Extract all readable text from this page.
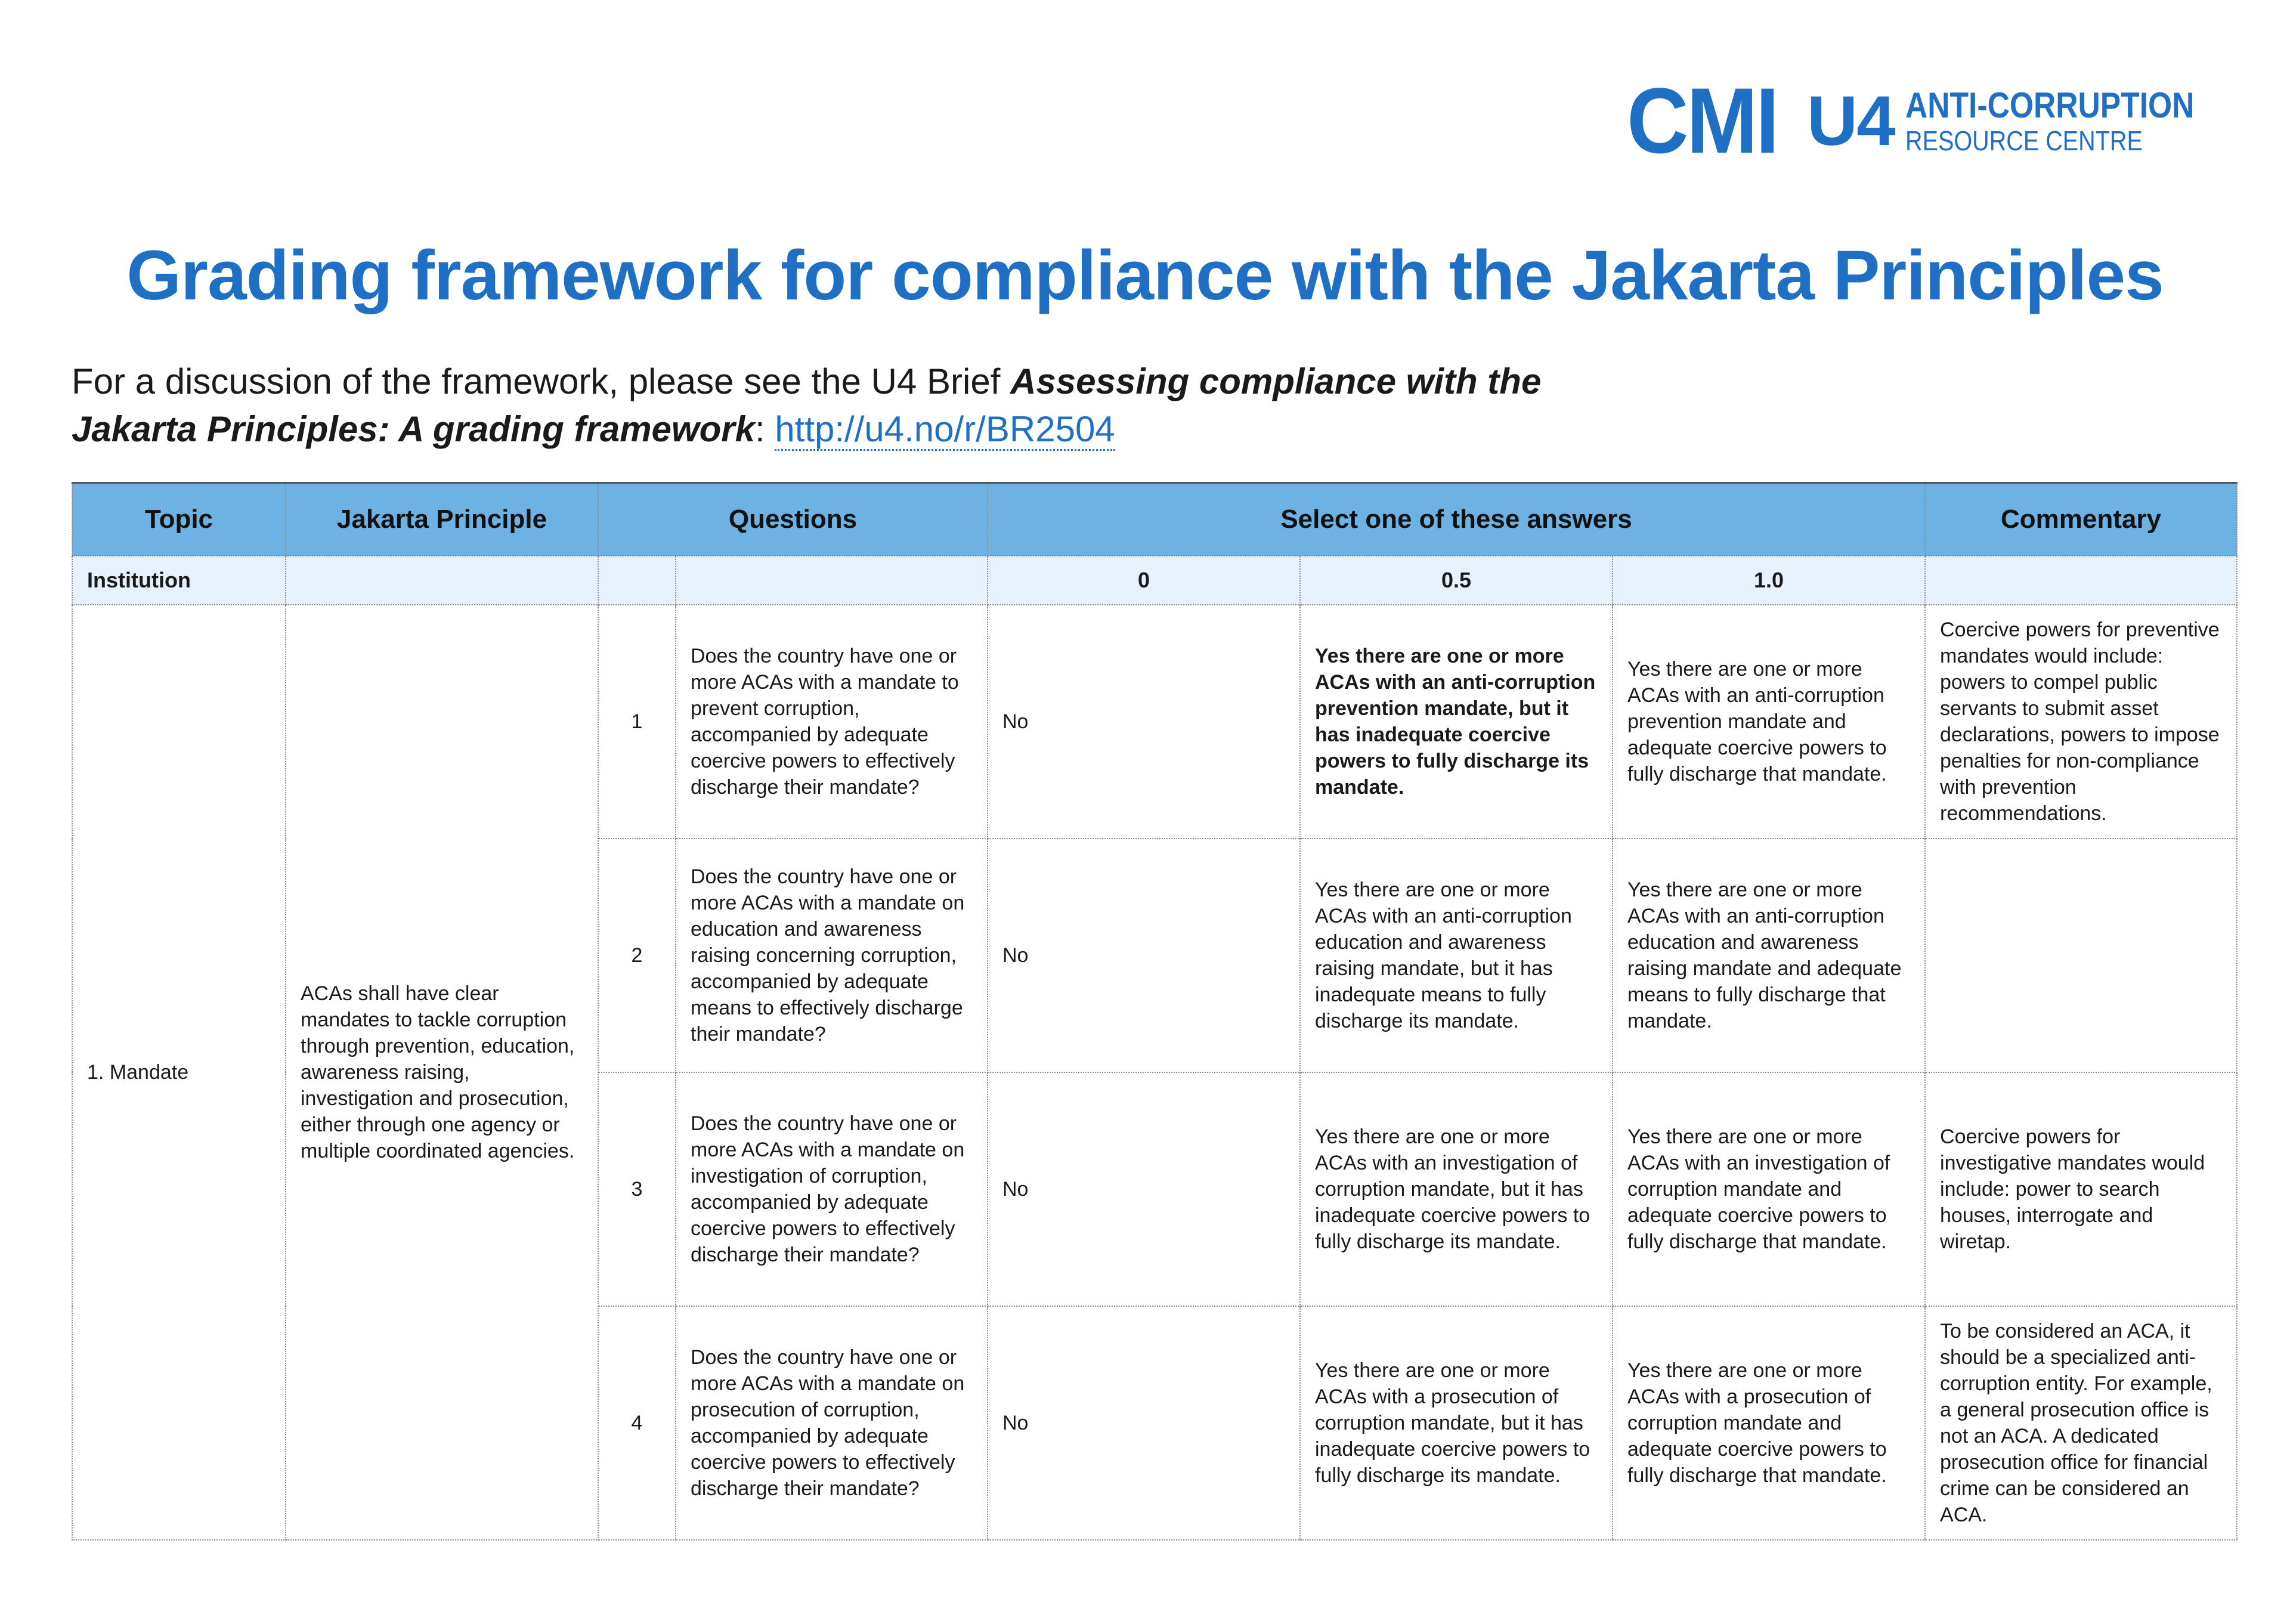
CMI U4 ANTI-CORRUPTION
RESOURCE CENTRE
Grading framework for compliance with the Jakarta Principles
For a discussion of the framework, please see the U4 Brief Assessing compliance with the Jakarta Principles: A grading framework: http://u4.no/r/BR2504
Topic	Jakarta Principle	Questions		Select one of these answers			Commentary
Institution				0	0.5	1.0	
1. Mandate	ACAs shall have clear mandates to tackle corruption through prevention, education, awareness raising, investigation and prosecution, either through one agency or multiple coordinated agencies.	1	Does the country have one or more ACAs with a mandate to prevent corruption, accompanied by adequate coercive powers to effectively discharge their mandate?	No	Yes there are one or more ACAs with an anti-corruption prevention mandate, but it has inadequate coercive powers to fully discharge its mandate.	Yes there are one or more ACAs with an anti-corruption prevention mandate and adequate coercive powers to fully discharge that mandate.	Coercive powers for preventive mandates would include: powers to compel public servants to submit asset declarations, powers to impose penalties for non-compliance with prevention recommendations.
		2	Does the country have one or more ACAs with a mandate on education and awareness raising concerning corruption, accompanied by adequate means to effectively discharge their mandate?	No	Yes there are one or more ACAs with an anti-corruption education and awareness raising mandate, but it has inadequate means to fully discharge its mandate.	Yes there are one or more ACAs with an anti-corruption education and awareness raising mandate and adequate means to fully discharge that mandate.	
		3	Does the country have one or more ACAs with a mandate on investigation of corruption, accompanied by adequate coercive powers to effectively discharge their mandate?	No	Yes there are one or more ACAs with an investigation of corruption mandate, but it has inadequate coercive powers to fully discharge its mandate.	Yes there are one or more ACAs with an investigation of corruption mandate and adequate coercive powers to fully discharge that mandate.	Coercive powers for investigative mandates would include: power to search houses, interrogate and wiretap.
		4	Does the country have one or more ACAs with a mandate on prosecution of corruption, accompanied by adequate coercive powers to effectively discharge their mandate?	No	Yes there are one or more ACAs with a prosecution of corruption mandate, but it has inadequate coercive powers to fully discharge its mandate.	Yes there are one or more ACAs with a prosecution of corruption mandate and adequate coercive powers to fully discharge that mandate.	To be considered an ACA, it should be a specialized anti-corruption entity. For example, a general prosecution office is not an ACA. A dedicated prosecution office for financial crime can be considered an ACA.
